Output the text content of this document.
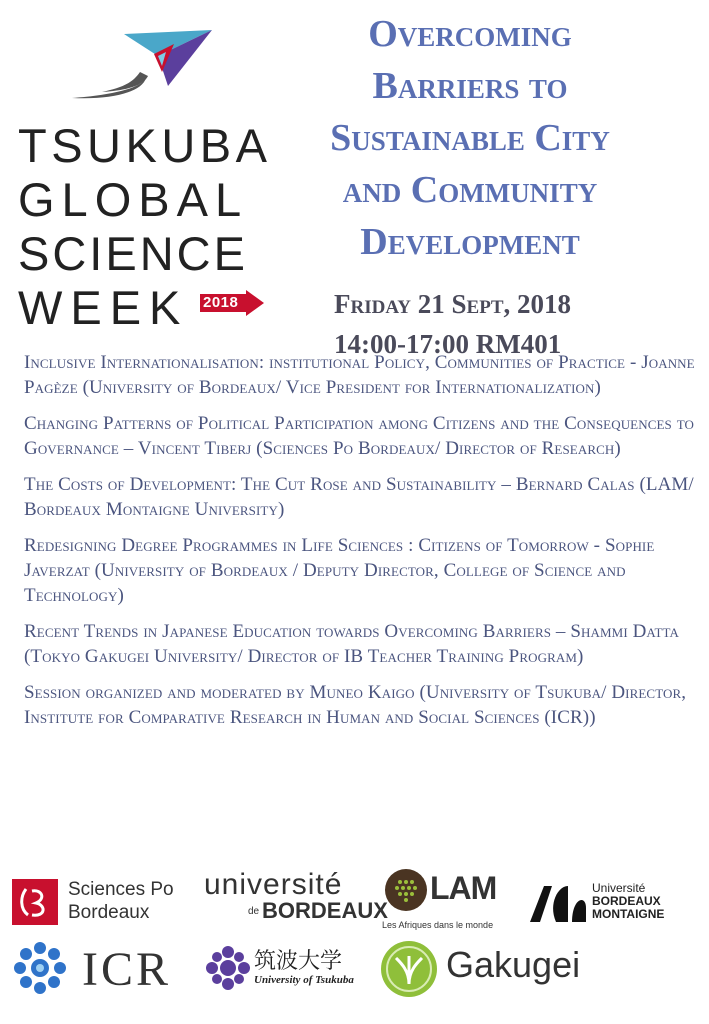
TSUKUBA
GLOBAL
SCIENCE
WEEK 2018
Overcoming
Barriers to
Sustainable City
and Community
Development
Friday 21 Sept, 2018
14:00-17:00 RM401
Inclusive Internationalisation: institutional Policy, Communities of Practice - Joanne Pagèze (University of Bordeaux/ Vice President for Internationalization)
Changing Patterns of Political Participation among Citizens and the Consequences to Governance – Vincent Tiberj (Sciences Po Bordeaux/ Director of Research)
The Costs of Development: The Cut Rose and Sustainability – Bernard Calas (LAM/ Bordeaux Montaigne University)
Redesigning Degree Programmes in Life Sciences : Citizens of Tomorrow - Sophie Javerzat (University of Bordeaux / Deputy Director, College of Science and Technology)
Recent Trends in Japanese Education towards Overcoming Barriers – Shammi Datta (Tokyo Gakugei University/ Director of IB Teacher Training Program)
Session organized and moderated by Muneo Kaigo (University of Tsukuba/ Director, Institute for Comparative Research in Human and Social Sciences (ICR))
Sciences Po
Bordeaux
université
de BORDEAUX
LAM
Les Afriques dans le monde
Université
BORDEAUX
MONTAIGNE
ICR	筑波大学
University of Tsukuba	Gakugei
